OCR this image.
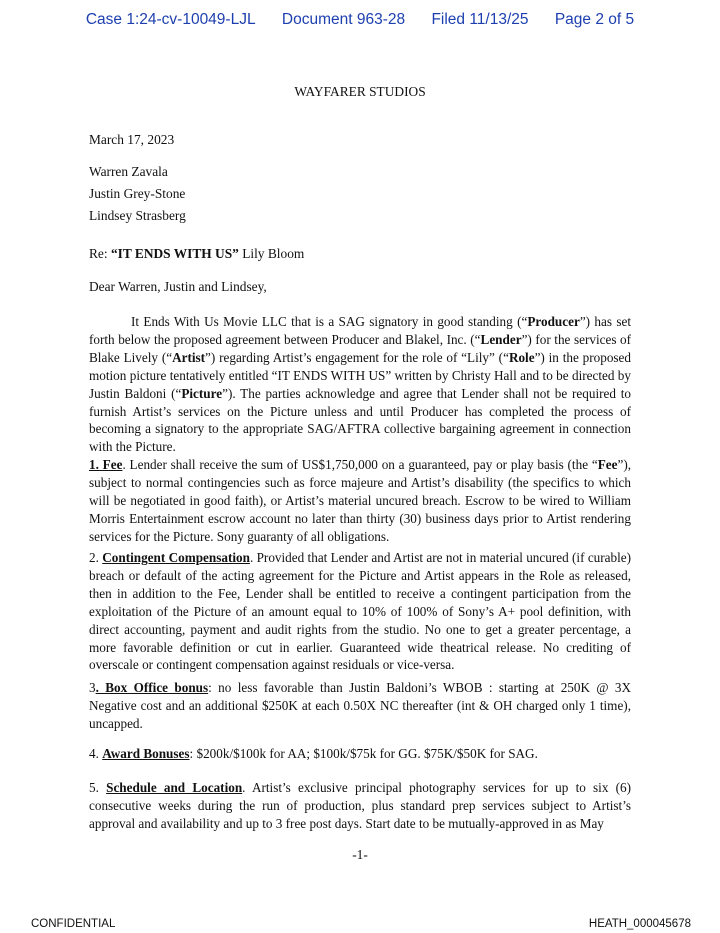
Case 1:24-cv-10049-LJL Document 963-28 Filed 11/13/25 Page 2 of 5
WAYFARER STUDIOS
March 17, 2023
Warren Zavala
Justin Grey-Stone
Lindsey Strasberg
Re: “IT ENDS WITH US” Lily Bloom
Dear Warren, Justin and Lindsey,

It Ends With Us Movie LLC that is a SAG signatory in good standing (“Producer”) has set forth below the proposed agreement between Producer and Blakel, Inc. (“Lender”) for the services of Blake Lively (“Artist”) regarding Artist’s engagement for the role of “Lily” (“Role”) in the proposed motion picture tentatively entitled “IT ENDS WITH US” written by Christy Hall and to be directed by Justin Baldoni (“Picture”). The parties acknowledge and agree that Lender shall not be required to furnish Artist’s services on the Picture unless and until Producer has completed the process of becoming a signatory to the appropriate SAG/AFTRA collective bargaining agreement in connection with the Picture.

1. Fee. Lender shall receive the sum of US$1,750,000 on a guaranteed, pay or play basis (the “Fee”), subject to normal contingencies such as force majeure and Artist’s disability (the specifics to which will be negotiated in good faith), or Artist’s material uncured breach. Escrow to be wired to William Morris Entertainment escrow account no later than thirty (30) business days prior to Artist rendering services for the Picture. Sony guaranty of all obligations.

2. Contingent Compensation. Provided that Lender and Artist are not in material uncured (if curable) breach or default of the acting agreement for the Picture and Artist appears in the Role as released, then in addition to the Fee, Lender shall be entitled to receive a contingent participation from the exploitation of the Picture of an amount equal to 10% of 100% of Sony’s A+ pool definition, with direct accounting, payment and audit rights from the studio. No one to get a greater percentage, a more favorable definition or cut in earlier. Guaranteed wide theatrical release. No crediting of overscale or contingent compensation against residuals or vice-versa.

3. Box Office bonus: no less favorable than Justin Baldoni’s WBOB : starting at 250K @ 3X Negative cost and an additional $250K at each 0.50X NC thereafter (int & OH charged only 1 time), uncapped.

4. Award Bonuses: $200k/$100k for AA; $100k/$75k for GG. $75K/$50K for SAG.

5. Schedule and Location. Artist’s exclusive principal photography services for up to six (6) consecutive weeks during the run of production, plus standard prep services subject to Artist’s approval and availability and up to 3 free post days. Start date to be mutually-approved in as May

-1-
CONFIDENTIAL	HEATH_000045678
